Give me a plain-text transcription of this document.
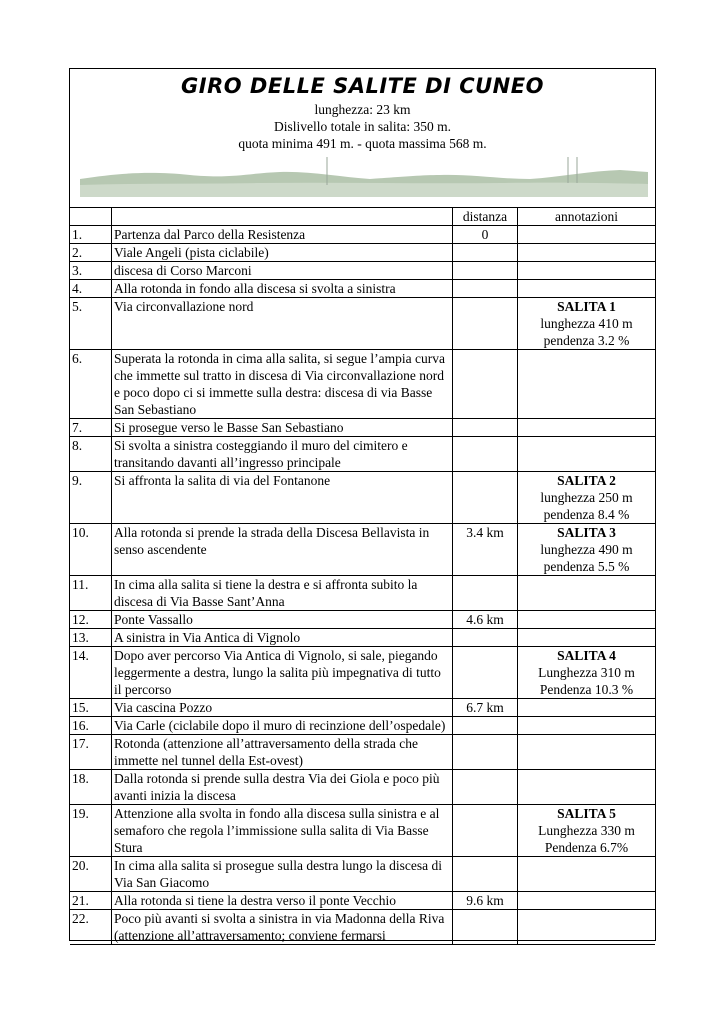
GIRO DELLE SALITE DI CUNEO
lunghezza: 23 km
Dislivello totale in salita: 350 m.
quota minima 491 m. - quota massima 568 m.
		distanza	annotazioni
1.	Partenza dal Parco della Resistenza	0	
2.	Viale Angeli (pista ciclabile)		
3.	discesa di Corso Marconi		
4.	Alla rotonda in fondo alla discesa si svolta a sinistra		
5.	Via circonvallazione nord		SALITA 1
lunghezza 410 m
pendenza 3.2 %

6.	Superata la rotonda in cima alla salita, si segue l’ampia curva che immette sul tratto in discesa di Via circonvallazione nord e poco dopo ci si immette sulla destra: discesa di via Basse San Sebastiano		
7.	Si prosegue verso le Basse San Sebastiano		
8.	Si svolta a sinistra costeggiando il muro del cimitero e transitando davanti all’ingresso principale		
9.	Si affronta la salita di via del Fontanone		SALITA 2
lunghezza 250 m
pendenza 8.4 %

10.	Alla rotonda si prende la strada della Discesa Bellavista in senso ascendente	3.4 km	SALITA 3
lunghezza 490 m
pendenza 5.5 %

11.	In cima alla salita si tiene la destra e si affronta subito la discesa di Via Basse Sant’Anna		
12.	Ponte Vassallo	4.6 km	
13.	A sinistra in Via Antica di Vignolo		
14.	Dopo aver percorso Via Antica di Vignolo, si sale, piegando leggermente a destra, lungo la salita più impegnativa di tutto il percorso		SALITA 4
Lunghezza 310 m
Pendenza 10.3 %

15.	Via cascina Pozzo	6.7 km	
16.	Via Carle (ciclabile dopo il muro di recinzione dell’ospedale)		
17.	Rotonda (attenzione all’attraversamento della strada che immette nel tunnel della Est-ovest)		
18.	Dalla rotonda si prende sulla destra Via dei Giola e poco più avanti inizia la discesa		
19.	Attenzione alla svolta in fondo alla discesa sulla sinistra e al semaforo che regola l’immissione sulla salita di Via Basse Stura		SALITA 5
Lunghezza 330 m
Pendenza 6.7%

20.	In cima alla salita si prosegue sulla destra lungo la discesa di Via San Giacomo		
21.	Alla rotonda si tiene la destra verso il ponte Vecchio	9.6 km	
22.	Poco più avanti si svolta a sinistra in via Madonna della Riva (attenzione all’attraversamento; conviene fermarsi		
